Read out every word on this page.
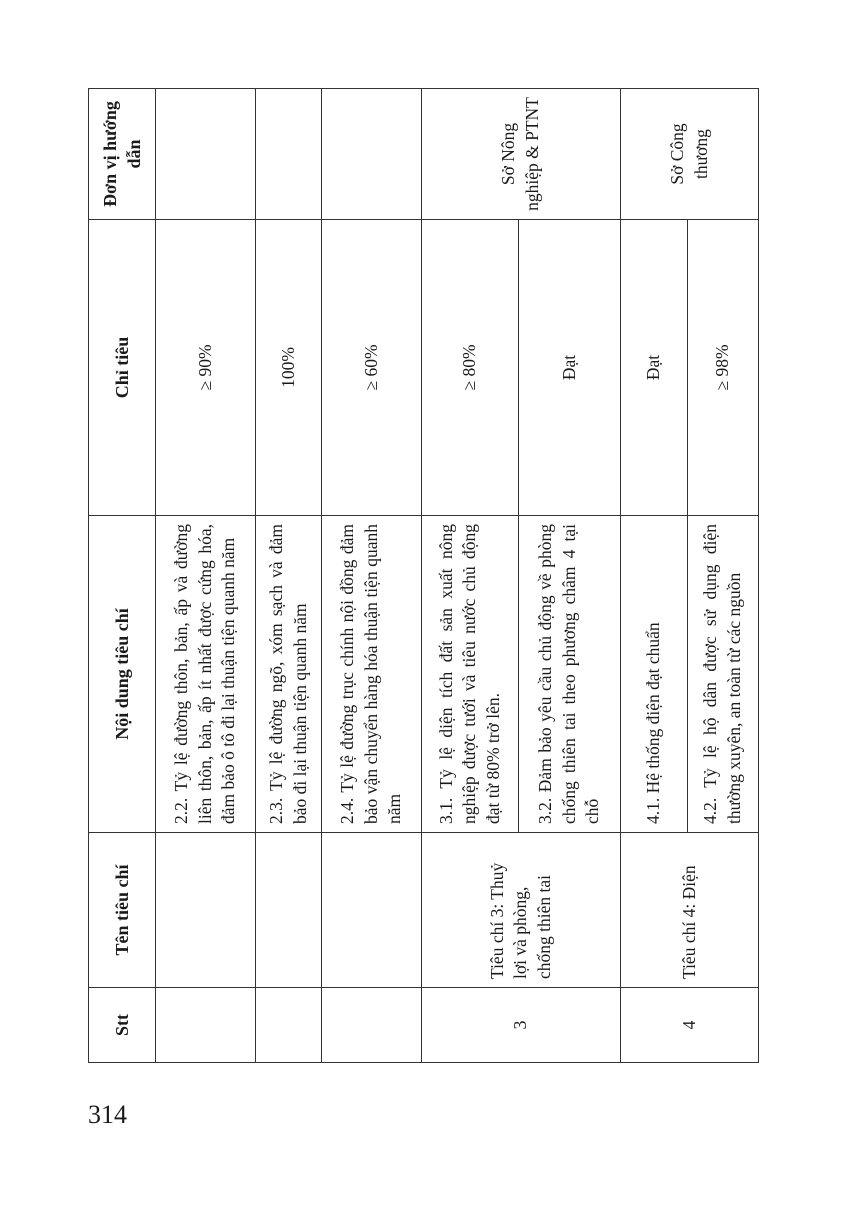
314
Stt	Tên tiêu chí	Nội dung tiêu chí	Chỉ tiêu	Đơn vị hướng dẫn
		2.2. Tỷ lệ đường thôn, bản, ấp và đường liên thôn, bản, ấp ít nhất được cứng hóa, đảm bảo ô tô đi lại thuận tiện quanh năm	≥ 90%	
		2.3. Tỷ lệ đường ngõ, xóm sạch và đảm bảo đi lại thuận tiện quanh năm	100%	
		2.4. Tỷ lệ đường trục chính nội đồng đảm bảo vận chuyển hàng hóa thuận tiện quanh năm	≥ 60%	
3	Tiêu chí 3: Thuỷ lợi và phòng, chống thiên tai	3.1. Tỷ lệ diện tích đất sản xuất nông nghiệp được tưới và tiêu nước chủ động đạt từ 80% trở lên.	≥ 80%	Sở Nông nghiệp & PTNT
		3.2. Đảm bảo yêu cầu chủ động về phòng chống thiên tai theo phương châm 4 tại chỗ	Đạt	
4	Tiêu chí 4: Điện	4.1. Hệ thống điện đạt chuẩn	Đạt	Sở Công thương
		4.2. Tỷ lệ hộ dân được sử dụng điện thường xuyên, an toàn từ các nguồn	≥ 98%	
